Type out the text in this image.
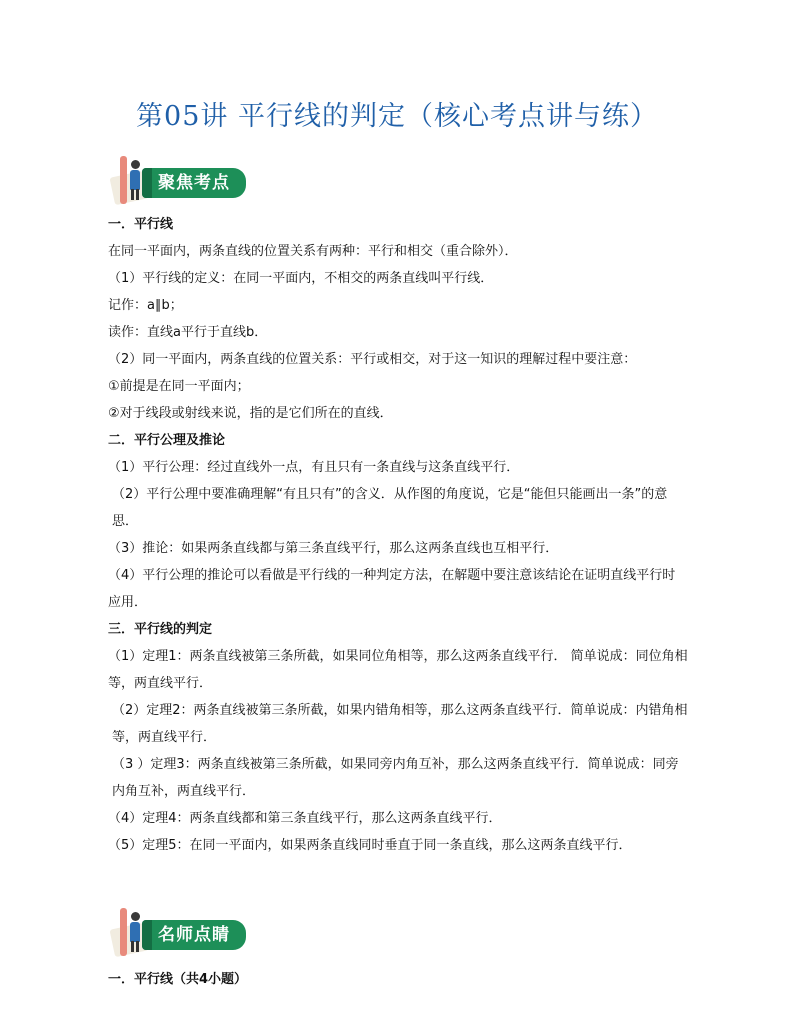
第05讲 平行线的判定（核心考点讲与练）
聚焦考点

一．平行线

在同一平面内，两条直线的位置关系有两种：平行和相交（重合除外）．

（1）平行线的定义：在同一平面内，不相交的两条直线叫平行线．

记作：a∥b；

读作：直线a平行于直线b．

（2）同一平面内，两条直线的位置关系：平行或相交，对于这一知识的理解过程中要注意：

①前提是在同一平面内；

②对于线段或射线来说，指的是它们所在的直线．

二．平行公理及推论

（1）平行公理：经过直线外一点，有且只有一条直线与这条直线平行．

（2）平行公理中要准确理解“有且只有”的含义．从作图的角度说，它是“能但只能画出一条”的意思．

（3）推论：如果两条直线都与第三条直线平行，那么这两条直线也互相平行．

（4）平行公理的推论可以看做是平行线的一种判定方法，在解题中要注意该结论在证明直线平行时应用．

三．平行线的判定

（1）定理1：两条直线被第三条所截，如果同位角相等，那么这两条直线平行． 简单说成：同位角相等，两直线平行．

（2）定理2：两条直线被第三条所截，如果内错角相等，那么这两条直线平行．简单说成：内错角相等，两直线平行．

（3 ）定理3：两条直线被第三条所截，如果同旁内角互补，那么这两条直线平行．简单说成：同旁内角互补，两直线平行．

（4）定理4：两条直线都和第三条直线平行，那么这两条直线平行．

（5）定理5：在同一平面内，如果两条直线同时垂直于同一条直线，那么这两条直线平行．

名师点睛

一．平行线（共4小题）
